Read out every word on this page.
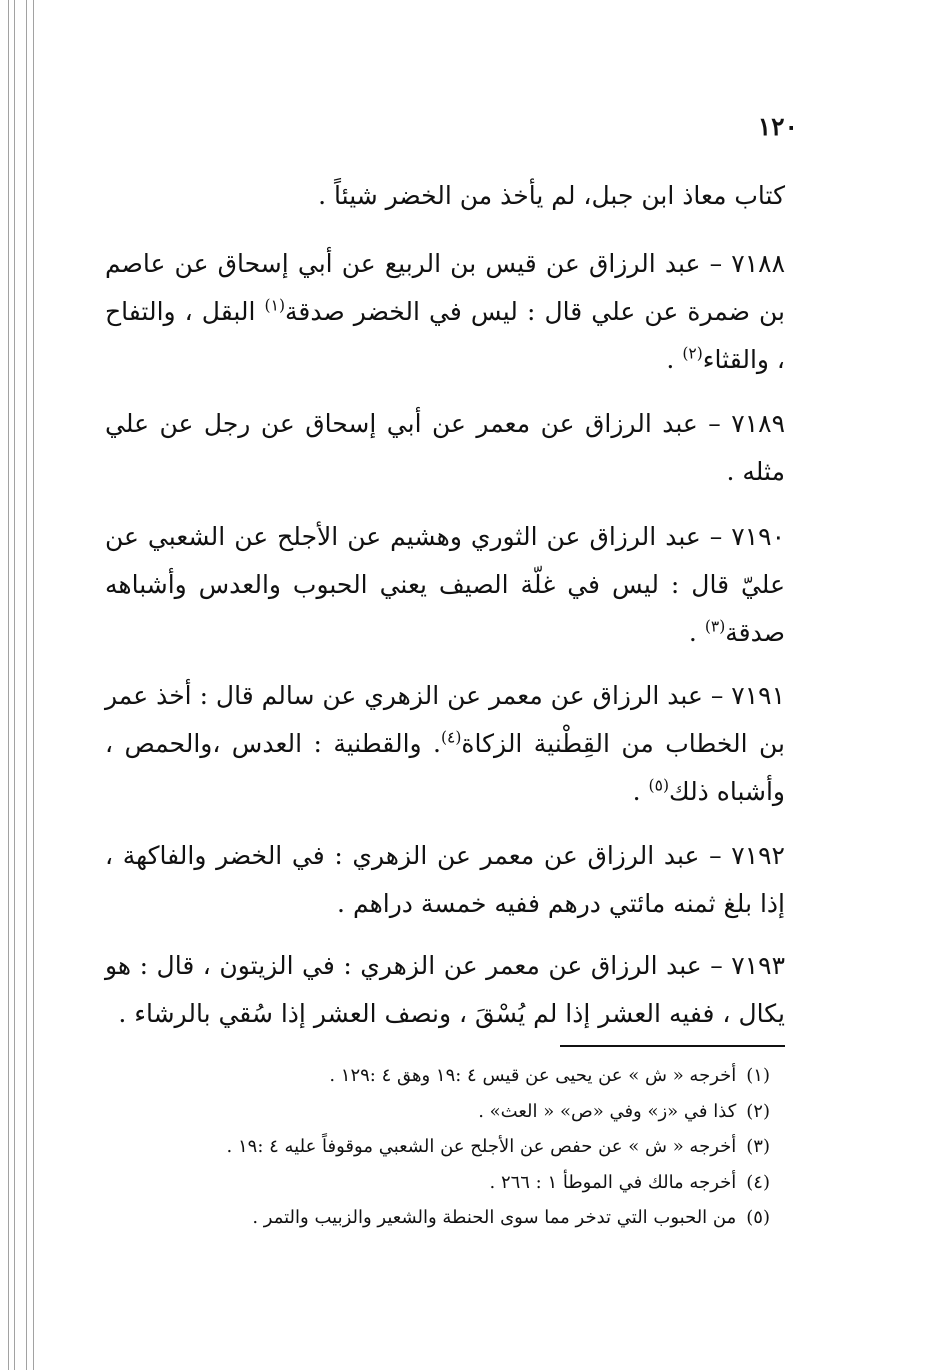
١٢٠

كتاب معاذ ابن جبل، لم يأخذ من الخضر شيئاً .

٧١٨٨ – عبد الرزاق عن قيس بن الربيع عن أبي إسحاق عن عاصم بن ضمرة عن علي قال : ليس في الخضر صدقة$^{(١)}$ البقل ، والتفاح ، والقثاء$^{(٢)}$ .

٧١٨٩ – عبد الرزاق عن معمر عن أبي إسحاق عن رجل عن علي مثله .

٧١٩٠ – عبد الرزاق عن الثوري وهشيم عن الأجلح عن الشعبي عن عليّ قال : ليس في غلّة الصيف يعني الحبوب والعدس وأشباهه صدقة$^{(٣)}$ .

٧١٩١ – عبد الرزاق عن معمر عن الزهري عن سالم قال : أخذ عمر بن الخطاب من القِطْنية الزكاة$^{(٤)}$. والقطنية : العدس ،والحمص ، وأشباه ذلك$^{(٥)}$ .

٧١٩٢ – عبد الرزاق عن معمر عن الزهري : في الخضر والفاكهة ، إذا بلغ ثمنه مائتي درهم ففيه خمسة دراهم .

٧١٩٣ – عبد الرزاق عن معمر عن الزهري : في الزيتون ، قال : هو يكال ، ففيه العشر إذا لم يُسْقَ ، ونصف العشر إذا سُقي بالرشاء .

(١)أخرجه « ش » عن يحيى عن قيس ٤ :١٩ وهق ٤ :١٢٩ .

(٢)كذا في «ز» وفي «ص» « العث» .

(٣)أخرجه « ش » عن حفص عن الأجلح عن الشعبي موقوفاً عليه ٤ :١٩ .

(٤)أخرجه مالك في الموطأ ١ : ٢٦٦ .

(٥)من الحبوب التي تدخر مما سوى الحنطة والشعير والزبيب والتمر .
